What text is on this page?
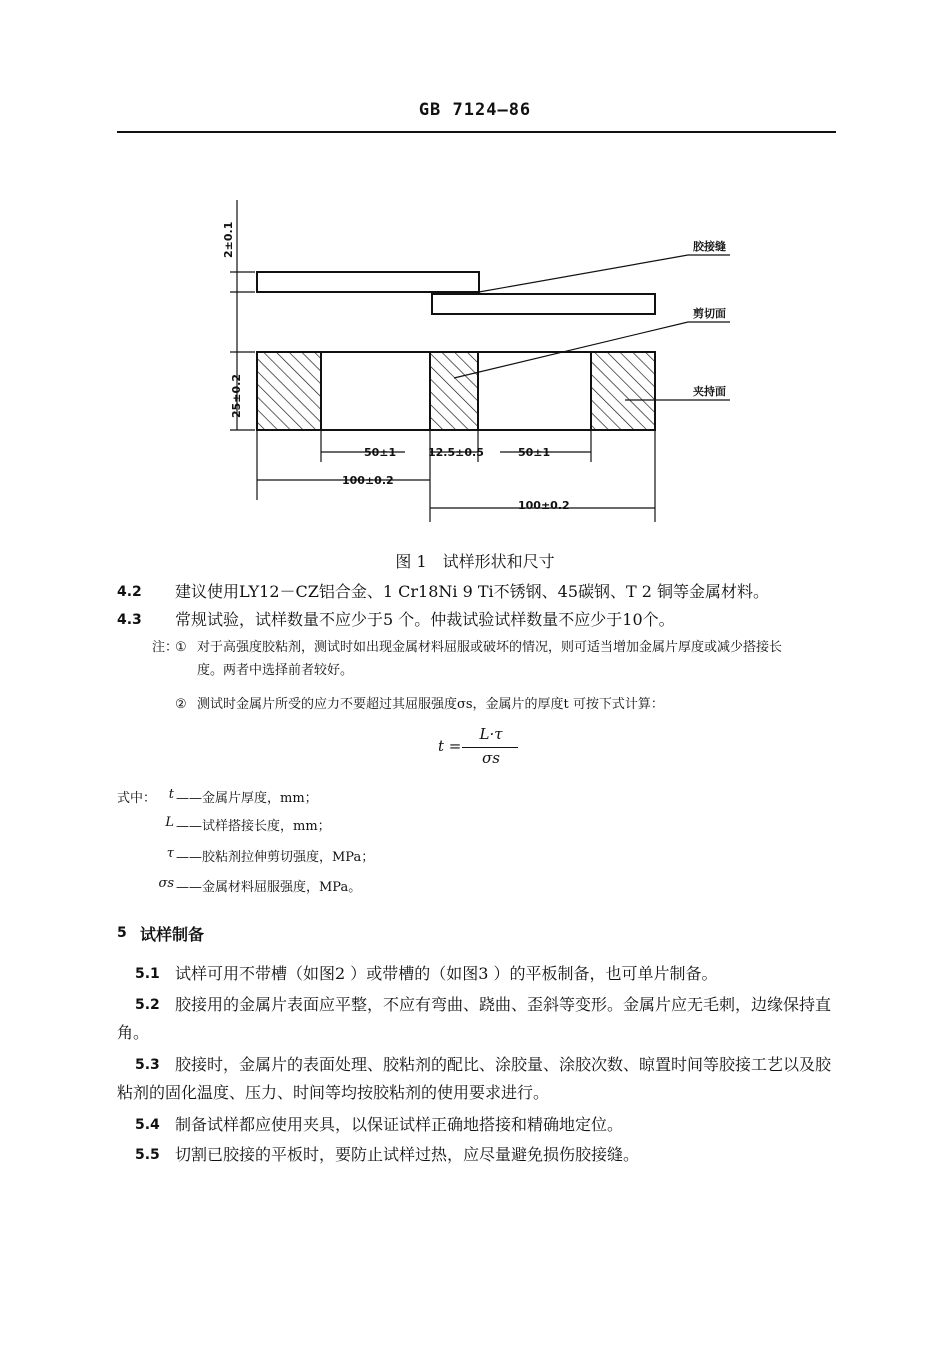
GB 7124—86
胶接缝
剪切面
夹持面
2±0.1
25±0.2
50±1	12.5±0.5	50±1
100±0.2
100±0.2
图 1　试样形状和尺寸
4.2 建议使用LY12－CZ铝合金、1 Cr18Ni 9 Ti不锈钢、45碳钢、T 2 铜等金属材料。
4.3 常规试验，试样数量不应少于5 个。仲裁试验试样数量不应少于10个。
注：
① 对于高强度胶粘剂，测试时如出现金属材料屈服或破坏的情况，则可适当增加金属片厚度或减少搭接长
度。两者中选择前者较好。
② 测试时金属片所受的应力不要超过其屈服强度σs，金属片的厚度t 可按下式计算：
t =
L·τ
σs
式中： t ——金属片厚度，mm；
L ——试样搭接长度，mm；
τ ——胶粘剂拉伸剪切强度，MPa；
σs ——金属材料屈服强度，MPa。
5 试样制备
5.1 试样可用不带槽（如图2 ）或带槽的（如图3 ）的平板制备，也可单片制备。
5.2 胶接用的金属片表面应平整，不应有弯曲、跷曲、歪斜等变形。金属片应无毛刺，边缘保持直
角。
5.3 胶接时，金属片的表面处理、胶粘剂的配比、涂胶量、涂胶次数、晾置时间等胶接工艺以及胶
粘剂的固化温度、压力、时间等均按胶粘剂的使用要求进行。
5.4 制备试样都应使用夹具，以保证试样正确地搭接和精确地定位。
5.5 切割已胶接的平板时，要防止试样过热，应尽量避免损伤胶接缝。
